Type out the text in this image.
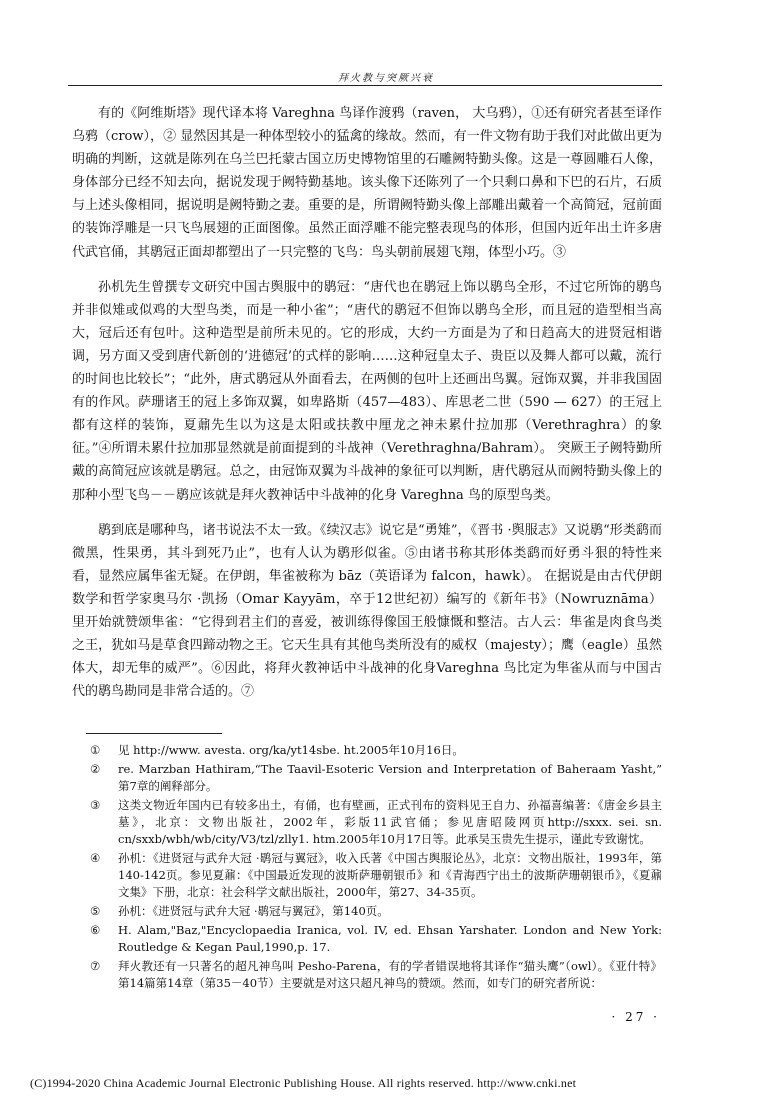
拜火教与突厥兴衰

有的《阿维斯塔》现代译本将 Vareghna 鸟译作渡鸦（raven， 大乌鸦），①还有研究者甚至译作乌鸦（crow），② 显然因其是一种体型较小的猛禽的缘故。然而，有一件文物有助于我们对此做出更为明确的判断，这就是陈列在乌兰巴托蒙古国立历史博物馆里的石雕阙特勤头像。这是一尊圆雕石人像，身体部分已经不知去向，据说发现于阙特勤基地。该头像下还陈列了一个只剩口鼻和下巴的石片，石质与上述头像相同，据说明是阙特勤之妻。重要的是，所谓阙特勤头像上部雕出戴着一个高简冠，冠前面的装饰浮雕是一只飞鸟展翅的正面图像。虽然正面浮雕不能完整表现鸟的体形，但国内近年出土许多唐代武官俑，其鹖冠正面却都塑出了一只完整的飞鸟：鸟头朝前展翅飞翔，体型小巧。③

孙机先生曾撰专文研究中国古舆服中的鹖冠：“唐代也在鹖冠上饰以鹖鸟全形，不过它所饰的鹖鸟并非似雉或似鸡的大型鸟类，而是一种小雀”；“唐代的鹖冠不但饰以鹖鸟全形，而且冠的造型相当高大，冠后还有包叶。这种造型是前所未见的。它的形成，大约一方面是为了和日趋高大的进贤冠相谐调，另方面又受到唐代新创的‘进德冠’的式样的影响……这种冠皇太子、贵臣以及舞人都可以戴，流行的时间也比较长”；“此外，唐式鹖冠从外面看去，在两侧的包叶上还画出鸟翼。冠饰双翼，并非我国固有的作风。萨珊诸王的冠上多饰双翼，如卑路斯（457—483）、库思老二世（590 — 627）的王冠上都有这样的装饰，夏鼐先生以为这是太阳或扶教中厘龙之神未累什拉加那（Verethraghra）的象征。”④所谓未累什拉加那显然就是前面提到的斗战神（Verethraghna/Bahram）。 突厥王子阙特勤所戴的高简冠应该就是鹖冠。总之，由冠饰双翼为斗战神的象征可以判断，唐代鹖冠从而阙特勤头像上的那种小型飞鸟－－鹖应该就是拜火教神话中斗战神的化身 Vareghna 鸟的原型鸟类。

鹖到底是哪种鸟，诸书说法不太一致。《续汉志》说它是“勇雉”，《晋书 ·舆服志》又说鹖“形类鹞而微黑，性果勇，其斗到死乃止”，也有人认为鹖形似雀。⑤由诸书称其形体类鹞而好勇斗狠的特性来看，显然应属隼雀无疑。在伊朗，隼雀被称为 bāz（英语译为 falcon，hawk）。 在据说是由古代伊朗数学和哲学家奥马尔 ·凯扬（Omar Kayyām，卒于12世纪初）编写的《新年书》（Nowruznāma） 里开始就赞颂隼雀：“它得到君主们的喜爱，被训练得像国王般慷慨和整洁。古人云：隼雀是肉食鸟类之王，犹如马是草食四蹄动物之王。它天生具有其他鸟类所没有的威权（majesty）；鹰（eagle）虽然体大，却无隼的威严”。⑥因此，将拜火教神话中斗战神的化身Vareghna 鸟比定为隼雀从而与中国古代的鹖鸟勘同是非常合适的。⑦

① 见 http://www. avesta. org/ka/yt14sbe. ht.2005年10月16日。
② re. Marzban Hathiram,“The Taavil-Esoteric Version and Interpretation of Baheraam Yasht,” 第7章的阐释部分。
③ 这类文物近年国内已有较多出土，有俑，也有壁画，正式刊布的资料见王自力、孙福喜编著：《唐金乡县主墓》，北京：文物出版社，2002年，彩版11武官俑；参见唐昭陵网页http://sxxx. sei. sn. cn/sxxb/wbh/wb/city/V3/tzl/zlly1. htm.2005年10月17日等。此承吴玉贵先生提示，谨此专致谢忱。
④ 孙机：《进贤冠与武弁大冠 ·鹖冠与翼冠》，收入氏著《中国古舆服论丛》，北京：文物出版社，1993年，第140-142页。参见夏鼐：《中国最近发现的波斯萨珊朝银币》和《青海西宁出土的波斯萨珊朝银币》，《夏鼐文集》下册，北京：社会科学文献出版社，2000年，第27、34-35页。
⑤ 孙机：《进贤冠与武弁大冠 ·鹖冠与翼冠》，第140页。
⑥ H. Alam,"Baz,"Encyclopaedia Iranica, vol. IV, ed. Ehsan Yarshater. London and New York: Routledge & Kegan Paul,1990,p. 17.
⑦ 拜火教还有一只著名的超凡神鸟叫 Pesho-Parena，有的学者错误地将其译作“猫头鹰”（owl）。《亚什特》第14篇第14章（第35－40节）主要就是对这只超凡神鸟的赞颂。然而，如专门的研究者所说：
· 27 ·
(C)1994-2020 China Academic Journal Electronic Publishing House. All rights reserved. http://www.cnki.net
